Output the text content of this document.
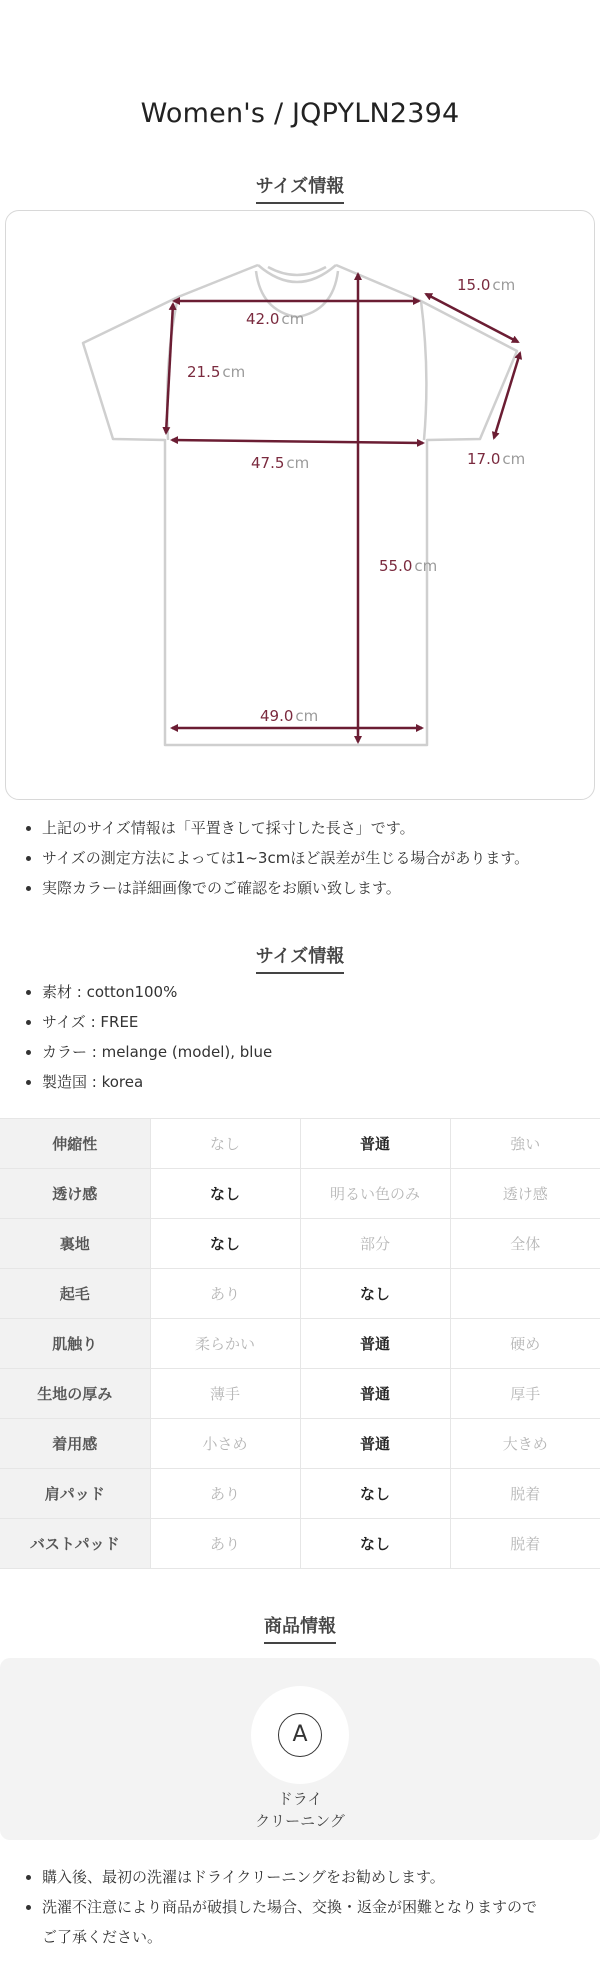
Women's / JQPYLN2394
サイズ情報
15.0 cm
42.0 cm
21.5 cm
47.5 cm	17.0 cm
55.0 cm
49.0 cm
上記のサイズ情報は「平置きして採寸した長さ」です。
サイズの測定方法によっては1~3cmほど誤差が生じる場合があります。
実際カラーは詳細画像でのご確認をお願い致します。
サイズ情報
素材 : cotton100%
サイズ : FREE
カラー : melange (model), blue
製造国 : korea
伸縮性	なし	普通	強い
透け感	なし	明るい色のみ	透け感
裏地	なし	部分	全体
起毛	あり	なし	
肌触り	柔らかい	普通	硬め
生地の厚み	薄手	普通	厚手
着用感	小さめ	普通	大きめ
肩パッド	あり	なし	脱着
バストパッド	あり	なし	脱着
商品情報
A
ドライ
クリーニング
購入後、最初の洗濯はドライクリーニングをお勧めします。
洗濯不注意により商品が破損した場合、交換・返金が困難となりますので
ご了承ください。
